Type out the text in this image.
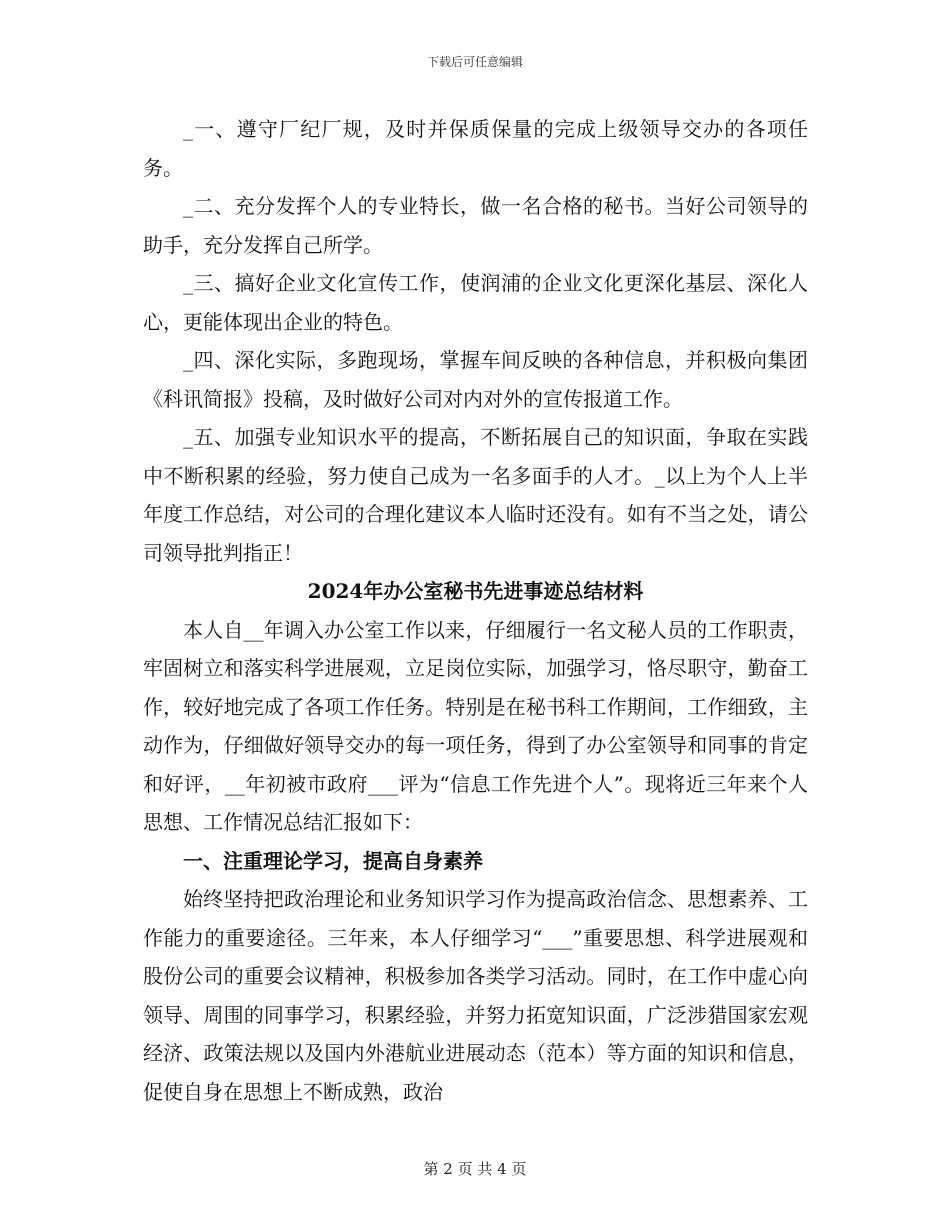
下载后可任意编辑

_一、遵守厂纪厂规，及时并保质保量的完成上级领导交办的各项任务。

_二、充分发挥个人的专业特长，做一名合格的秘书。当好公司领导的助手，充分发挥自己所学。

_三、搞好企业文化宣传工作，使润浦的企业文化更深化基层、深化人心，更能体现出企业的特色。

_四、深化实际，多跑现场，掌握车间反映的各种信息，并积极向集团《科讯简报》投稿，及时做好公司对内对外的宣传报道工作。

_五、加强专业知识水平的提高，不断拓展自己的知识面，争取在实践中不断积累的经验，努力使自己成为一名多面手的人才。_以上为个人上半年度工作总结，对公司的合理化建议本人临时还没有。如有不当之处，请公司领导批判指正！

2024年办公室秘书先进事迹总结材料

本人自__年调入办公室工作以来，仔细履行一名文秘人员的工作职责，牢固树立和落实科学进展观，立足岗位实际，加强学习，恪尽职守，勤奋工作，较好地完成了各项工作任务。特别是在秘书科工作期间，工作细致，主动作为，仔细做好领导交办的每一项任务，得到了办公室领导和同事的肯定和好评，__年初被市政府___评为“信息工作先进个人”。现将近三年来个人思想、工作情况总结汇报如下：

一、注重理论学习，提高自身素养

始终坚持把政治理论和业务知识学习作为提高政治信念、思想素养、工作能力的重要途径。三年来，本人仔细学习“___”重要思想、科学进展观和股份公司的重要会议精神，积极参加各类学习活动。同时，在工作中虚心向领导、周围的同事学习，积累经验，并努力拓宽知识面，广泛涉猎国家宏观经济、政策法规以及国内外港航业进展动态（范本）等方面的知识和信息，促使自身在思想上不断成熟，政治

第 2 页 共 4 页
